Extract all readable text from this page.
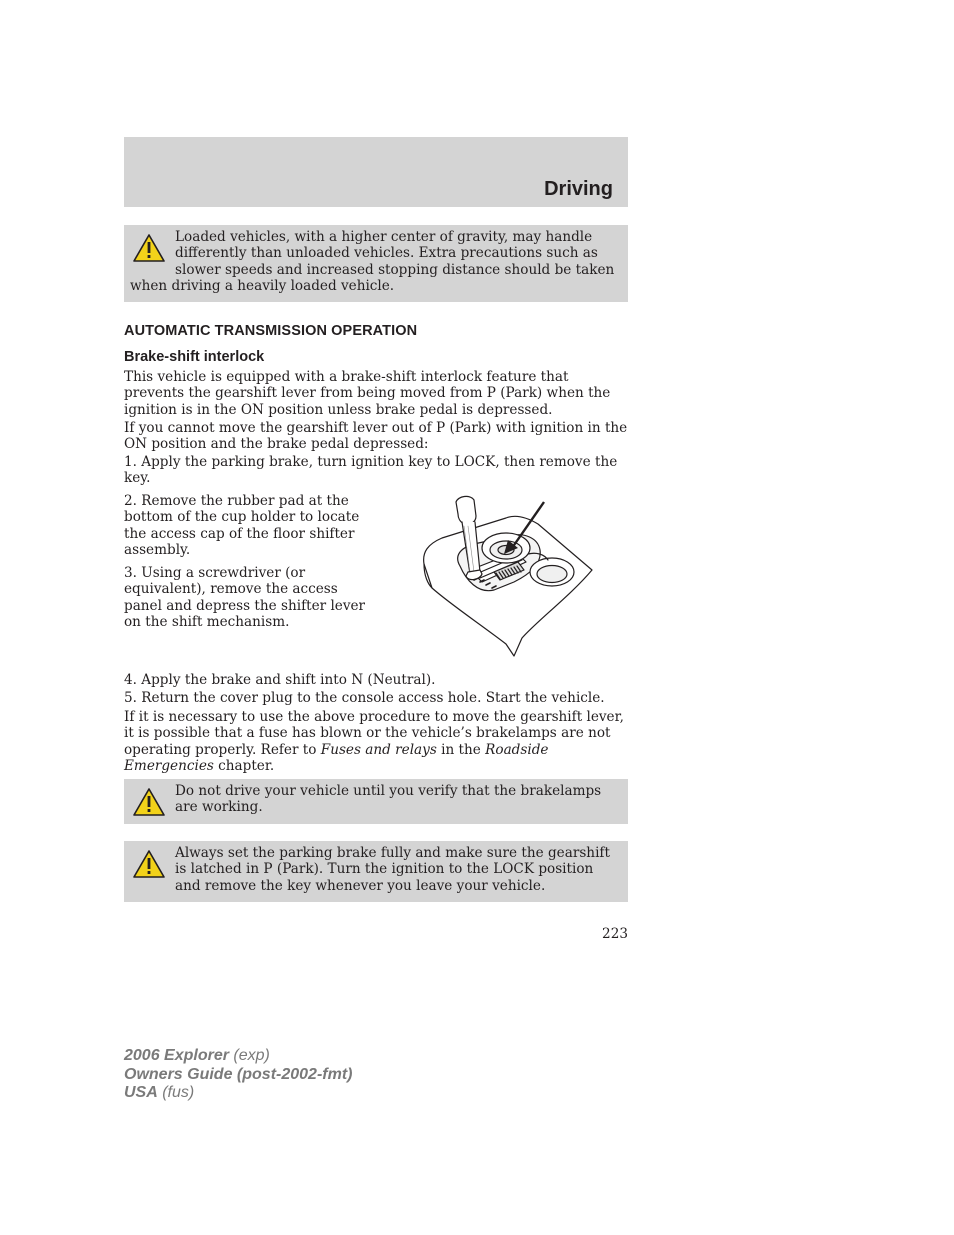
Driving

Loaded vehicles, with a higher center of gravity, may handle differently than unloaded vehicles. Extra precautions such as slower speeds and increased stopping distance should be taken when driving a heavily loaded vehicle.

AUTOMATIC TRANSMISSION OPERATION
Brake-shift interlock

This vehicle is equipped with a brake-shift interlock feature that prevents the gearshift lever from being moved from P (Park) when the ignition is in the ON position unless brake pedal is depressed.

If you cannot move the gearshift lever out of P (Park) with ignition in the ON position and the brake pedal depressed:

1. Apply the parking brake, turn ignition key to LOCK, then remove the key.

2. Remove the rubber pad at the bottom of the cup holder to locate the access cap of the floor shifter assembly.

3. Using a screwdriver (or equivalent), remove the access panel and depress the shifter lever on the shift mechanism.

4. Apply the brake and shift into N (Neutral).

5. Return the cover plug to the console access hole. Start the vehicle.

If it is necessary to use the above procedure to move the gearshift lever, it is possible that a fuse has blown or the vehicle’s brakelamps are not operating properly. Refer to Fuses and relays in the Roadside Emergencies chapter.

Do not drive your vehicle until you verify that the brakelamps are working.

Always set the parking brake fully and make sure the gearshift is latched in P (Park). Turn the ignition to the LOCK position and remove the key whenever you leave your vehicle.

223
2006 Explorer (exp)
Owners Guide (post-2002-fmt)
USA (fus)
